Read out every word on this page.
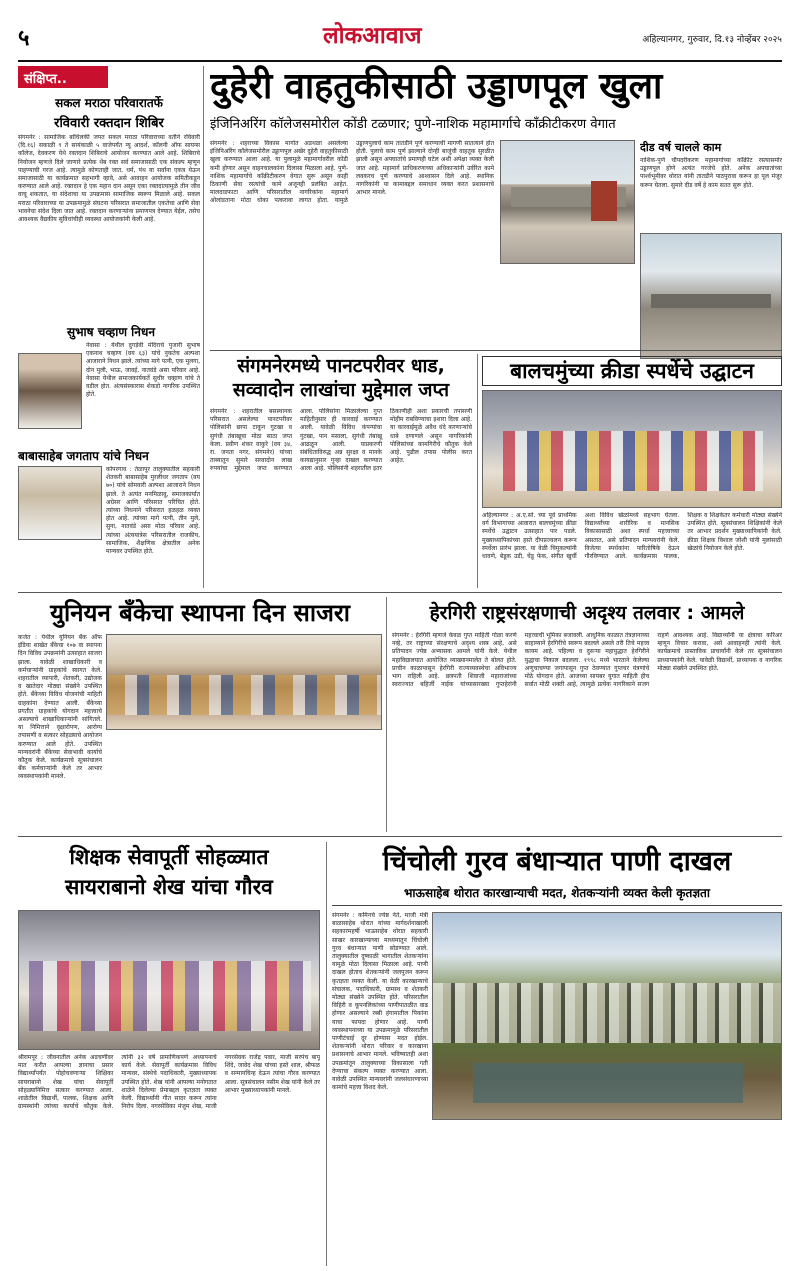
५	लोकआवाज	अहिल्यानगर, गुरुवार, दि.१३ नोव्हेंबर २०२५
संक्षिप्त..
सकल मराठा परिवारातर्फे
रविवारी रक्तदान शिबिर
संगमनेर : सामाजिक बांधिलकी जपत सकल मराठा परिवाराच्या वतीने रविवारी (दि.१६) सकाळी ९ ते सायंकाळी ५ वाजेपर्यंत न्यू आदर्श, कॉलनी ऑफ सायन्स कॉलेज, देवकरण येथे रक्तदान शिबिराचे आयोजन करण्यात आले आहे. शिबिराचे नियोजन म्हणजे दिले जाणारे प्रत्येक थेंब रक्त सर्व समाजासाठी एक संकल्प म्हणून पाहण्याची गरज आहे. त्यामुळे कोणताही जात, धर्म, पंथ या सर्वांना एकत्र येऊन समाजासाठी या कार्यक्रमात सहभागी व्हावे, असे आवाहन आयोजक समितीकडून करण्यात आले आहे. रक्तदान हे एक महान दान असून एका रक्तदात्यामुळे तीन जीव वाचू शकतात, या संदेशाचा या उपक्रमास सामाजिक स्वरूप मिळाले आहे. सकल मराठा परिवाराच्या या उपक्रमामुळे संघटना परिसरात समाजातील एकतेचा आणि सेवा भावनेचा संदेश दिला जात आहे. रक्तदान करणाऱ्यांना प्रमाणपत्र देण्यात येईल, तसेच आवश्यक वैद्यकीय सुविधांचीही व्यवस्था आयोजकांनी केली आहे.
सुभाष चव्हाण निधन
नेवासा : येथील दुगड़ेवी मंदिराचे पुजारी सुभाष एकनाथ चव्हाण (वय ६३) यांचे नुकतेच अल्पशा आजाराने निधन झाले. त्यांच्या मागे पत्नी, एक मुलगा, दोन मुली, भाऊ, जावई, नातवंडे असा परिवार आहे. नेवासा येथील समाजकार्यकर्ते सुधीर चव्हाण यांचे ते वडील होत. अंत्यसंस्कारास शेकडो नागरिक उपस्थित होते.
बाबासाहेब जगताप यांचे निधन
कोपरगाव : तेळापूर तालुक्यातील सहकारी शेतकरी बाबासाहेब मुरलीधर जगताप (वय ७०) यांचे सोमवारी अल्पशा आजाराने निधन झाले. ते अत्यंत मनमिळावू, समाजकार्यात अग्रेसर आणि परिसरात परिचित होते. त्यांच्या निधनाने परिसरात हळहळ व्यक्त होत आहे. त्यांच्या मागे पत्नी, तीन मुले, सुना, नातवंडे असा मोठा परिवार आहे. त्यांच्या अंत्ययात्रेस परिसरातील राजकीय, सामाजिक, शैक्षणिक क्षेत्रातील अनेक मान्यवर उपस्थित होते.
दुहेरी वाहतुकीसाठी उड्डाणपूल खुला
इंजिनिअरिंग कॉलेजसमोरील कोंडी टळणार; पुणे-नाशिक महामार्गाचे कॉंक्रीटीकरण वेगात
संगमनेर : शहराच्या विकास मार्गात अडथळा असलेल्या इंजिनिअरिंग कॉलेजसमोरील उड्डाणपूल अखेर दुहेरी वाहतुकीसाठी खुला करण्यात आला आहे. या पुलामुळे महामार्गावरील कोंडी कमी होणार असून वाहनचालकांना दिलासा मिळाला आहे. पुणे-नाशिक महामार्गाचे कॉंक्रीटीकरण वेगात सुरू असून काही ठिकाणी सेवा रस्त्यांची कामे अजूनही प्रलंबित आहेत. मालदाडफाटा आणि परिसरातील नागरिकांना महामार्ग ओलांडताना मोठा धोका पत्करावा लागत होता. यामुळे उड्डाणपुलाचे काम तातडीने पूर्ण करण्याची मागणी सातत्याने होत होती. पुलाचे काम पूर्ण झाल्याने दोन्ही बाजूंची वाहतूक सुरळीत झाली असून अपघातांचे प्रमाणही घटेल अशी अपेक्षा व्यक्त केली जात आहे. महामार्ग प्राधिकरणाच्या अधिकाऱ्यांनी उर्वरित कामे लवकरच पूर्ण करण्याचे आश्वासन दिले आहे. स्थानिक नागरिकांनी या कामाबद्दल समाधान व्यक्त करत प्रशासनाचे आभार मानले.
दीड वर्ष चालले काम
नाशिक-पुणे चौपदरीकरण महामार्गाच्या काँक्रीट रस्त्यासमोर उड्डाणपूल होणे अत्यंत गरजेचे होते. अनेक अपघातांच्या पार्श्वभूमीवर थोरात यांनी तातडीने पाठपुरावा करून हा पूल मंजूर करून घेतला. सुमारे दीड वर्षे हे काम सतत सुरू होते.
संगमनेरमध्ये पानटपरीवर धाड,
सव्वादोन लाखांचा मुद्देमाल जप्त
संगमनेर : शहरातील बसस्थानक परिसरात असलेल्या पानटपरीवर पोलिसांनी छापा टाकून गुटखा व सुगंधी तंबाखूचा मोठा साठा जप्त केला. प्रवीण शंकर वाकुरे (वय ३४, रा. जनता नगर, संगमनेर) यांच्या ताब्यातून सुमारे सव्वादोन लाख रुपयांचा मुद्देमाल जप्त करण्यात आला. पोलिसांना मिळालेल्या गुप्त माहितीनुसार ही कारवाई करण्यात आली. यावेळी विविध कंपन्यांचा गुटखा, पान मसाला, सुगंधी तंबाखू आढळून आली. याप्रकरणी संबंधिताविरुद्ध अन्न सुरक्षा व मानके कायद्यानुसार गुन्हा दाखल करण्यात आला आहे. पोलिसांनी शहरातील इतर ठिकाणीही अशा प्रकारची तपासणी मोहीम राबविण्याचा इशारा दिला आहे. या कारवाईमुळे अवैध धंदे करणाऱ्यांचे धाबे दणाणले असून नागरिकांनी पोलिसांच्या कामगिरीचे कौतुक केले आहे. पुढील तपास पोलीस करत आहेत.
बालचमुंच्या क्रीडा स्पर्धेचे उद्घाटन
अहिल्यानगर : अ.ए.सो. च्या पूर्व प्राथमिक वर्ग विभागाच्या आवारात बालचमुंच्या क्रीडा स्पर्धेचे उद्घाटन उत्साहात पार पडले. मुख्याध्यापिकांच्या हस्ते दीपप्रज्वलन करून स्पर्धेला प्रारंभ झाला. या वेळी चिमुकल्यांनी धावणे, बेडूक उडी, चेंडू फेक, संगीत खुर्ची अशा विविध खेळांमध्ये सहभाग घेतला. विद्यार्थ्यांच्या शारीरिक व मानसिक विकासासाठी अशा स्पर्धा महत्त्वाच्या असतात, असे प्रतिपादन मान्यवरांनी केले. विजेत्या स्पर्धकांना पारितोषिके देऊन गौरविण्यात आले. कार्यक्रमास पालक, शिक्षक व शिक्षकेतर कर्मचारी मोठ्या संख्येने उपस्थित होते. सूत्रसंचालन शिक्षिकांनी केले तर आभार प्रदर्शन मुख्याध्यापिकांनी केले. क्रीडा शिक्षक विशाल जोशी यांनी मुलांसाठी खेळांचे नियोजन केले होते.
युनियन बँकेचा स्थापना दिन साजरा
कर्जत : येथील युनियन बँक ऑफ इंडिया शाखेत बँकेचा १०७ वा स्थापना दिन विविध उपक्रमांनी उत्साहात साजरा झाला. यावेळी शाखाधिकारी व कर्मचाऱ्यांनी ग्राहकांचे स्वागत केले. शहरातील व्यापारी, शेतकरी, उद्योजक व खातेदार मोठ्या संख्येने उपस्थित होते. बँकेच्या विविध योजनांची माहिती ग्राहकांना देण्यात आली. बँकेच्या प्रगतीत ग्राहकांचे योगदान महत्त्वाचे असल्याचे शाखाधिकाऱ्यांनी सांगितले. या निमित्ताने वृक्षारोपण, आरोग्य तपासणी व सत्कार सोहळ्याचे आयोजन करण्यात आले होते. उपस्थित मान्यवरांनी बँकेच्या सेवाभावी कार्याचे कौतुक केले. कार्यक्रमाचे सूत्रसंचालन बँक कर्मचाऱ्यांनी केले तर आभार व्यवस्थापकांनी मानले.
हेरगिरी राष्ट्रसंरक्षणाची अदृश्य तलवार : आमले
संगमनेर : हेरगिरी म्हणजे केवळ गुप्त माहिती गोळा करणे नव्हे, तर राष्ट्राच्या संरक्षणाचे अदृश्य शस्त्र आहे, असे प्रतिपादन ज्येष्ठ अभ्यासक आमले यांनी केले. येथील महाविद्यालयात आयोजित व्याख्यानमालेत ते बोलत होते. प्राचीन काळापासून हेरगिरी राज्यव्यवस्थेचा अविभाज्य भाग राहिली आहे. छत्रपती शिवाजी महाराजांच्या स्वराज्यात बहिर्जी नाईक यांच्यासारख्या गुप्तहेरांनी महत्त्वाची भूमिका बजावली. आधुनिक काळात तंत्रज्ञानाच्या साहाय्याने हेरगिरीचे स्वरूप बदलले असले तरी तिचे महत्त्व कायम आहे. पहिल्या व दुसऱ्या महायुद्धात हेरगिरीने युद्धाचा निकाल बदलला. १९९८ मध्ये भारताने केलेल्या अणुचाचण्या जगापासून गुप्त ठेवण्यात गुप्तचर यंत्रणांचे मोठे योगदान होते. आजच्या सायबर युगात माहिती हीच सर्वात मोठी शक्ती आहे, त्यामुळे प्रत्येक नागरिकाने सजग राहणे आवश्यक आहे. विद्यार्थ्यांनी या क्षेत्राचा करिअर म्हणून विचार करावा, असे आवाहनही त्यांनी केले. कार्यक्रमाचे प्रास्ताविक प्राचार्यांनी केले तर सूत्रसंचालन प्राध्यापकांनी केले. यावेळी विद्यार्थी, प्राध्यापक व नागरिक मोठ्या संख्येने उपस्थित होते.
शिक्षक सेवापूर्ती सोहळ्यात
सायराबानो शेख यांचा गौरव
श्रीरामपूर : जीवनातील अनेक अडचणींवर मात करीत आपल्या ज्ञानाचा प्रसार विद्यार्थ्यांपर्यंत पोहोचवणाऱ्या शिक्षिका सायराबानो शेख यांचा सेवापूर्ती सोहळ्यानिमित्त सत्कार करण्यात आला. शाळेतील विद्यार्थी, पालक, शिक्षक आणि ग्रामस्थांनी त्यांच्या कार्याचे कौतुक केले. त्यांनी ३२ वर्षे प्रामाणिकपणे अध्यापनाचे कार्य केले. सेवापूर्ती कार्यक्रमास विविध मान्यवर, संस्थेचे पदाधिकारी, मुख्याध्यापक उपस्थित होते. शेख यांनी आपल्या मनोगतात शाळेने दिलेल्या प्रेमाबद्दल कृतज्ञता व्यक्त केली. विद्यार्थ्यांनी गीत सादर करून त्यांना निरोप दिला. नगरसेविका मंजुम शेख, माजी नगरसेवक राजेंद्र पवार, माजी सरपंच बापू शिंदे, जावेद शेख यांच्या हस्ते शाल, श्रीफळ व सन्मानचिन्ह देऊन त्यांचा गौरव करण्यात आला. सूत्रसंचालन नसीम शेख यांनी केले तर आभार मुख्याध्यापकांनी मानले.
चिंचोली गुरव बंधाऱ्यात पाणी दाखल
भाऊसाहेब थोरात कारखान्याची मदत, शेतकऱ्यांनी व्यक्त केली कृतज्ञता
संगमनेर : कमिनचे ज्येष्ठ नेते, माजी मंत्री बाळासाहेब थोरात यांच्या मार्गदर्शनाखाली सहकारमहर्षी भाऊसाहेब थोरात सहकारी साखर कारखान्याच्या माध्यमातून चिंचोली गुरव बंधाऱ्यात पाणी सोडण्यात आले. तालुक्यातील दुष्काळी भागातील शेतकऱ्यांना यामुळे मोठा दिलासा मिळाला आहे. पाणी दाखल होताच शेतकऱ्यांनी जलपूजन करून कृतज्ञता व्यक्त केली. या वेळी कारखान्याचे संचालक, पदाधिकारी, ग्रामस्थ व शेतकरी मोठ्या संख्येने उपस्थित होते. परिसरातील विहिरी व कूपनलिकांच्या पाणीपातळीत वाढ होणार असल्याने रब्बी हंगामातील पिकांना याचा फायदा होणार आहे. पाणी व्यवस्थापनाच्या या उपक्रमामुळे परिसरातील पाणीटंचाई दूर होण्यास मदत होईल. शेतकऱ्यांनी थोरात परिवार व कारखाना प्रशासनाचे आभार मानले. भविष्यातही अशा उपक्रमांतून तालुक्याच्या विकासाला गती देण्याचा संकल्प व्यक्त करण्यात आला. यावेळी उपस्थित मान्यवरांनी जलसंधारणाच्या कामांचे महत्त्व विशद केले.
